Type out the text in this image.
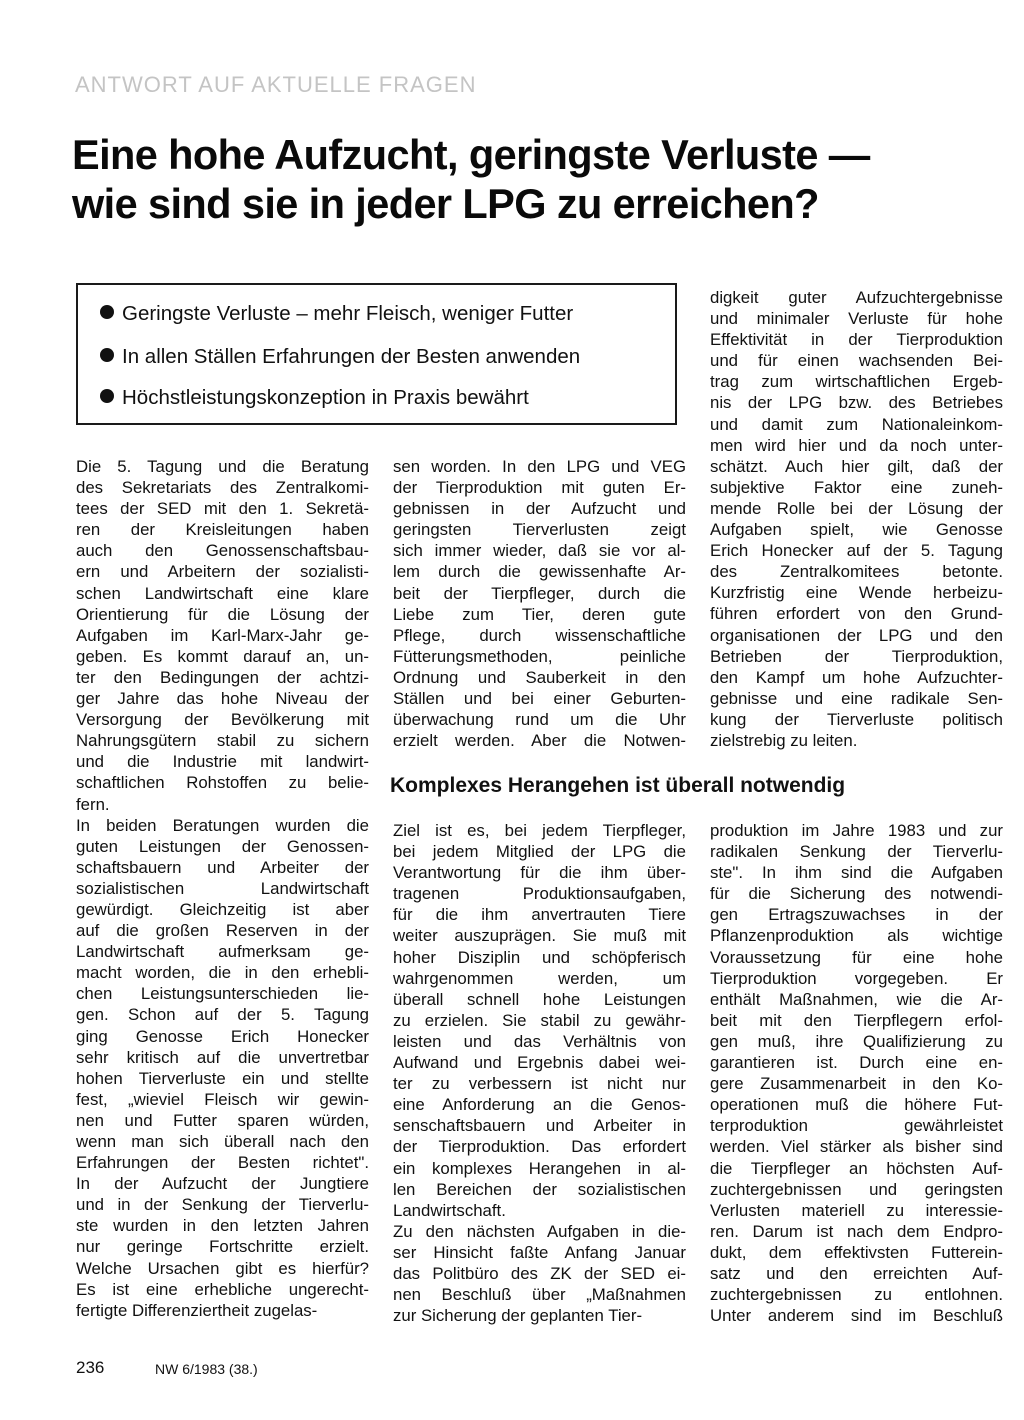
ANTWORT AUF AKTUELLE FRAGEN
Eine hohe Aufzucht, geringste Verluste —
wie sind sie in jeder LPG zu erreichen?
Geringste Verluste – mehr Fleisch, weniger Futter
In allen Ställen Erfahrungen der Besten anwenden
Höchstleistungskonzeption in Praxis bewährt
digkeit guter Aufzuchtergebnisse
und minimaler Verluste für hohe
Effektivität in der Tierproduktion
und für einen wachsenden Bei-
trag zum wirtschaftlichen Ergeb-
nis der LPG bzw. des Betriebes
und damit zum Nationaleinkom-
men wird hier und da noch unter-
schätzt. Auch hier gilt, daß der
subjektive Faktor eine zuneh-
mende Rolle bei der Lösung der
Aufgaben spielt, wie Genosse
Erich Honecker auf der 5. Tagung
des Zentralkomitees betonte.
Kurzfristig eine Wende herbeizu-
führen erfordert von den Grund-
organisationen der LPG und den
Betrieben der Tierproduktion,
den Kampf um hohe Aufzuchter-
gebnisse und eine radikale Sen-
kung der Tierverluste politisch
zielstrebig zu leiten.
Die 5. Tagung und die Beratung
des Sekretariats des Zentralkomi-
tees der SED mit den 1. Sekretä-
ren der Kreisleitungen haben
auch den Genossenschaftsbau-
ern und Arbeitern der sozialisti-
schen Landwirtschaft eine klare
Orientierung für die Lösung der
Aufgaben im Karl-Marx-Jahr ge-
geben. Es kommt darauf an, un-
ter den Bedingungen der achtzi-
ger Jahre das hohe Niveau der
Versorgung der Bevölkerung mit
Nahrungsgütern stabil zu sichern
und die Industrie mit landwirt-
schaftlichen Rohstoffen zu belie-
fern.
In beiden Beratungen wurden die
guten Leistungen der Genossen-
schaftsbauern und Arbeiter der
sozialistischen Landwirtschaft
gewürdigt. Gleichzeitig ist aber
auf die großen Reserven in der
Landwirtschaft aufmerksam ge-
macht worden, die in den erhebli-
chen Leistungsunterschieden lie-
gen. Schon auf der 5. Tagung
ging Genosse Erich Honecker
sehr kritisch auf die unvertretbar
hohen Tierverluste ein und stellte
fest, „wieviel Fleisch wir gewin-
nen und Futter sparen würden,
wenn man sich überall nach den
Erfahrungen der Besten richtet".
In der Aufzucht der Jungtiere
und in der Senkung der Tierverlu-
ste wurden in den letzten Jahren
nur geringe Fortschritte erzielt.
Welche Ursachen gibt es hierfür?
Es ist eine erhebliche ungerecht-
fertigte Differenziertheit zugelas-
sen worden. In den LPG und VEG
der Tierproduktion mit guten Er-
gebnissen in der Aufzucht und
geringsten Tierverlusten zeigt
sich immer wieder, daß sie vor al-
lem durch die gewissenhafte Ar-
beit der Tierpfleger, durch die
Liebe zum Tier, deren gute
Pflege, durch wissenschaftliche
Fütterungsmethoden, peinliche
Ordnung und Sauberkeit in den
Ställen und bei einer Geburten-
überwachung rund um die Uhr
erzielt werden. Aber die Notwen-
Komplexes Herangehen ist überall notwendig
Ziel ist es, bei jedem Tierpfleger,
bei jedem Mitglied der LPG die
Verantwortung für die ihm über-
tragenen Produktionsaufgaben,
für die ihm anvertrauten Tiere
weiter auszuprägen. Sie muß mit
hoher Disziplin und schöpferisch
wahrgenommen werden, um
überall schnell hohe Leistungen
zu erzielen. Sie stabil zu gewähr-
leisten und das Verhältnis von
Aufwand und Ergebnis dabei wei-
ter zu verbessern ist nicht nur
eine Anforderung an die Genos-
senschaftsbauern und Arbeiter in
der Tierproduktion. Das erfordert
ein komplexes Herangehen in al-
len Bereichen der sozialistischen
Landwirtschaft.
Zu den nächsten Aufgaben in die-
ser Hinsicht faßte Anfang Januar
das Politbüro des ZK der SED ei-
nen Beschluß über „Maßnahmen
zur Sicherung der geplanten Tier-
produktion im Jahre 1983 und zur
radikalen Senkung der Tierverlu-
ste". In ihm sind die Aufgaben
für die Sicherung des notwendi-
gen Ertragszuwachses in der
Pflanzenproduktion als wichtige
Voraussetzung für eine hohe
Tierproduktion vorgegeben. Er
enthält Maßnahmen, wie die Ar-
beit mit den Tierpflegern erfol-
gen muß, ihre Qualifizierung zu
garantieren ist. Durch eine en-
gere Zusammenarbeit in den Ko-
operationen muß die höhere Fut-
terproduktion gewährleistet
werden. Viel stärker als bisher sind
die Tierpfleger an höchsten Auf-
zuchtergebnissen und geringsten
Verlusten materiell zu interessie-
ren. Darum ist nach dem Endpro-
dukt, dem effektivsten Futterein-
satz und den erreichten Auf-
zuchtergebnissen zu entlohnen.
Unter anderem sind im Beschluß
236	NW 6/1983 (38.)
